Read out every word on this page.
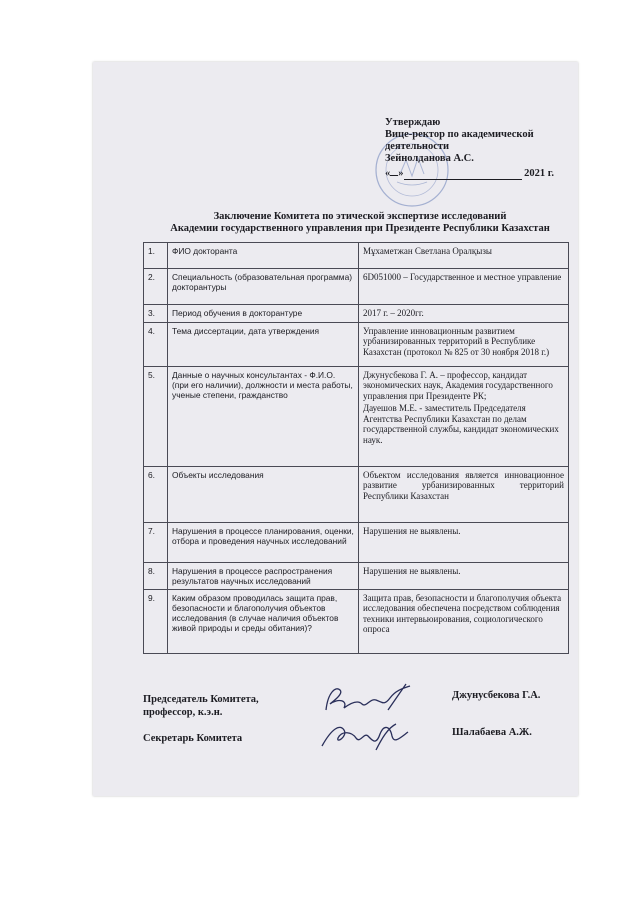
Утверждаю
Вице-ректор по академической
деятельности
Зейнолданова А.С.
« »	2021 г.
Заключение Комитета по этической экспертизе исследований
Академии государственного управления при Президенте Республики Казахстан
1.	ФИО докторанта	Мұхаметжан Светлана Оралқызы
2.	Специальность (образовательная программа) докторантуры	6D051000 – Государственное и местное управление
3.	Период обучения в докторантуре	2017 г. – 2020гг.
4.	Тема диссертации, дата утверждения	Управление инновационным развитием урбанизированных территорий в Республике Казахстан (протокол № 825 от 30 ноября 2018 г.)
5.	Данные о научных консультантах - Ф.И.О. (при его наличии), должности и места работы, ученые степени, гражданство	Джунусбекова Г. А. – профессор, кандидат экономических наук, Академия государственного управления при Президенте РК;
Дауешов М.Е. - заместитель Председателя Агентства Республики Казахстан по делам государственной службы, кандидат экономических наук.

6.	Объекты исследования	Объектом исследования является инновационное развитие урбанизированных территорий Республики Казахстан
7.	Нарушения в процессе планирования, оценки, отбора и проведения научных исследований	Нарушения не выявлены.
8.	Нарушения в процессе распространения результатов научных исследований	Нарушения не выявлены.
9.	Каким образом проводилась защита прав, безопасности и благополучия объектов исследования (в случае наличия объектов живой природы и среды обитания)?	Защита прав, безопасности и благополучия объекта исследования обеспечена посредством соблюдения техники интервьюирования, социологического опроса
Председатель Комитета,
профессор, к.э.н.
Джунусбекова Г.А.
Секретарь Комитета
Шалабаева А.Ж.
